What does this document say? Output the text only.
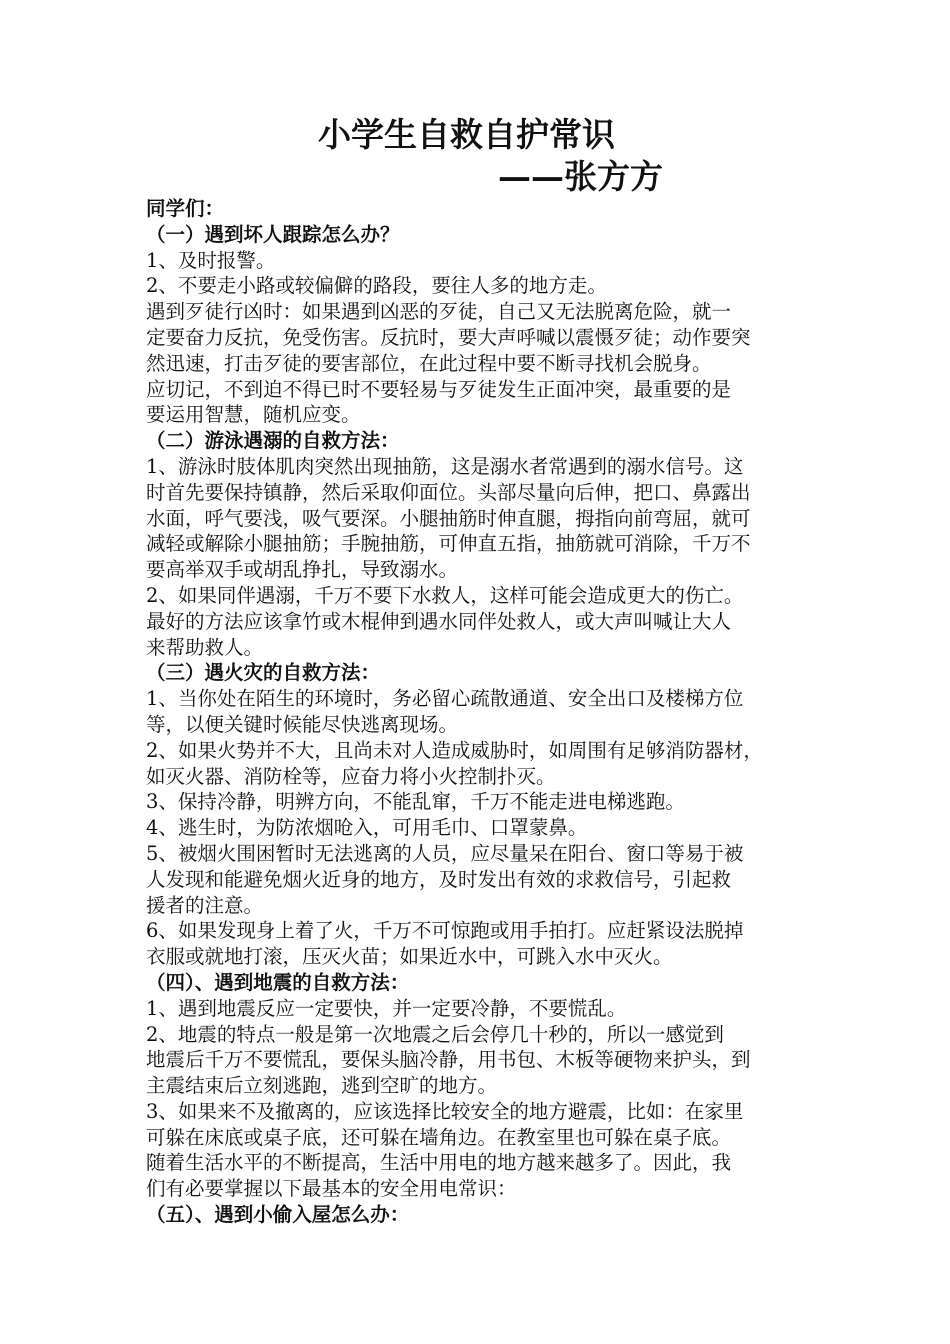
小学生自救自护常识
——张方方
同学们：
（一）遇到坏人跟踪怎么办？
1、及时报警。
2、不要走小路或较偏僻的路段，要往人多的地方走。
遇到歹徒行凶时：如果遇到凶恶的歹徒，自己又无法脱离危险，就一
定要奋力反抗，免受伤害。反抗时，要大声呼喊以震慑歹徒；动作要突
然迅速，打击歹徒的要害部位，在此过程中要不断寻找机会脱身。
应切记，不到迫不得已时不要轻易与歹徒发生正面冲突，最重要的是
要运用智慧，随机应变。
（二）游泳遇溺的自救方法：
1、游泳时肢体肌肉突然出现抽筋，这是溺水者常遇到的溺水信号。这
时首先要保持镇静，然后采取仰面位。头部尽量向后伸，把口、鼻露出
水面，呼气要浅，吸气要深。小腿抽筋时伸直腿，拇指向前弯屈，就可
减轻或解除小腿抽筋；手腕抽筋，可伸直五指，抽筋就可消除，千万不
要高举双手或胡乱挣扎，导致溺水。
2、如果同伴遇溺，千万不要下水救人，这样可能会造成更大的伤亡。
最好的方法应该拿竹或木棍伸到遇水同伴处救人，或大声叫喊让大人
来帮助救人。
（三）遇火灾的自救方法：
1、当你处在陌生的环境时，务必留心疏散通道、安全出口及楼梯方位
等，以便关键时候能尽快逃离现场。
2、如果火势并不大，且尚未对人造成威胁时，如周围有足够消防器材，
如灭火器、消防栓等，应奋力将小火控制扑灭。
3、保持冷静，明辨方向，不能乱窜，千万不能走进电梯逃跑。
4、逃生时，为防浓烟呛入，可用毛巾、口罩蒙鼻。
5、被烟火围困暂时无法逃离的人员，应尽量呆在阳台、窗口等易于被
人发现和能避免烟火近身的地方，及时发出有效的求救信号，引起救
援者的注意。
6、如果发现身上着了火，千万不可惊跑或用手拍打。应赶紧设法脱掉
衣服或就地打滚，压灭火苗；如果近水中，可跳入水中灭火。
（四）、遇到地震的自救方法：
1、遇到地震反应一定要快，并一定要冷静，不要慌乱。
2、地震的特点一般是第一次地震之后会停几十秒的，所以一感觉到
地震后千万不要慌乱，要保头脑冷静，用书包、木板等硬物来护头，到
主震结束后立刻逃跑，逃到空旷的地方。
3、如果来不及撤离的，应该选择比较安全的地方避震，比如：在家里
可躲在床底或桌子底，还可躲在墙角边。在教室里也可躲在桌子底。
随着生活水平的不断提高，生活中用电的地方越来越多了。因此，我
们有必要掌握以下最基本的安全用电常识：
（五）、遇到小偷入屋怎么办：
